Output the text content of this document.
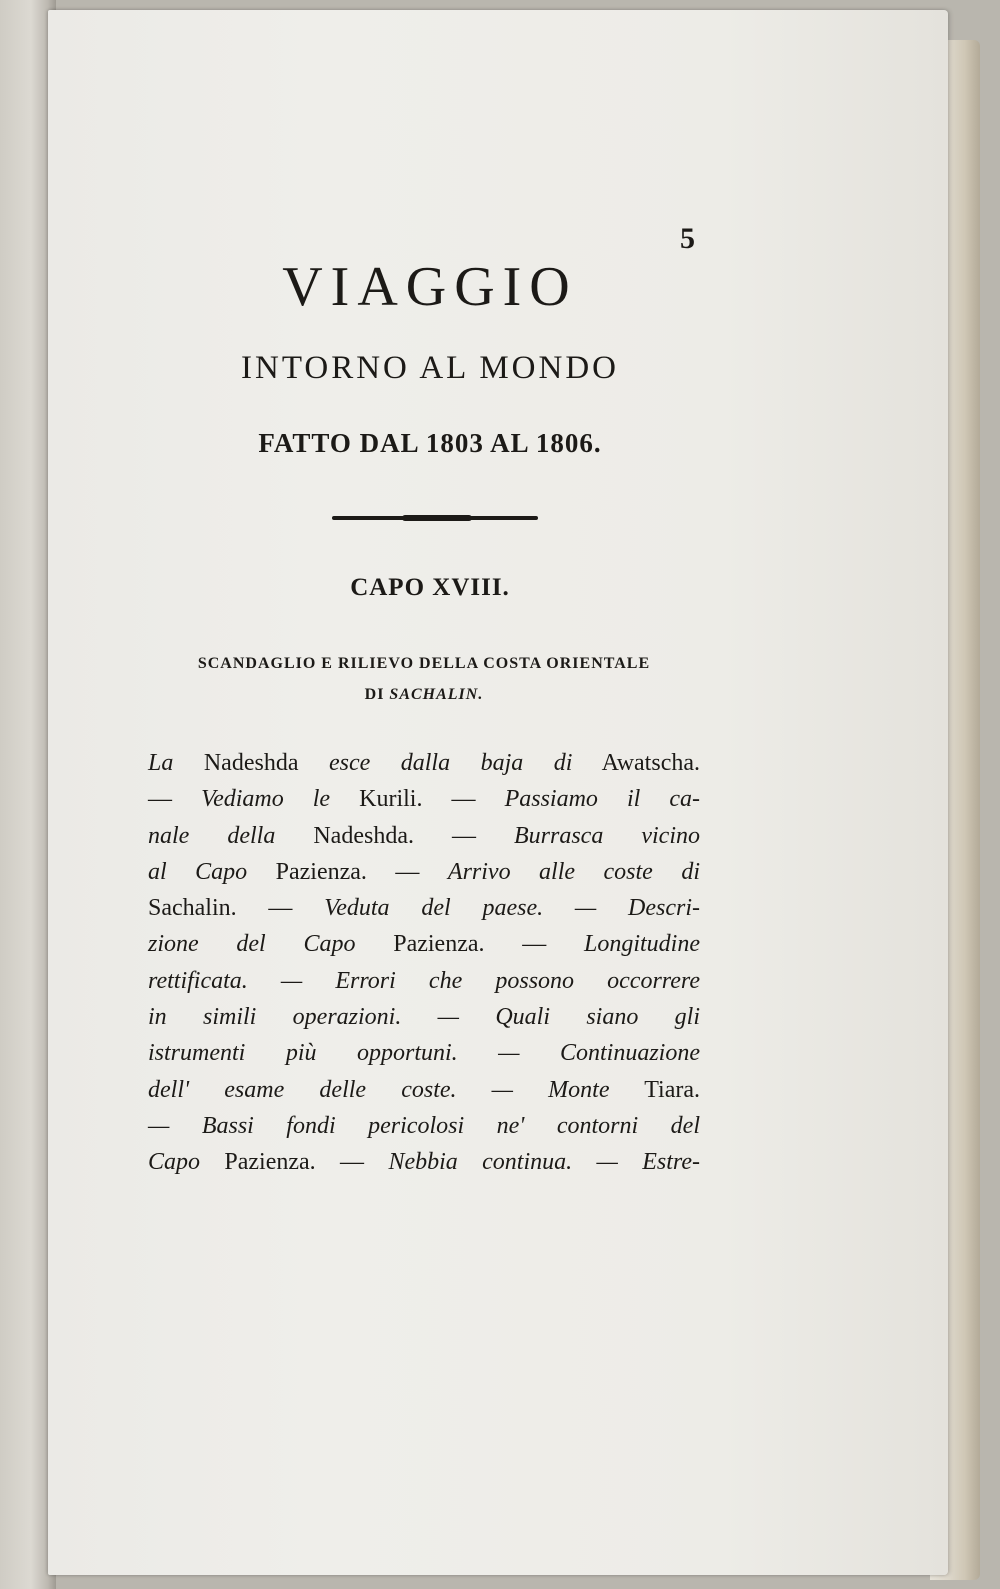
5
VIAGGIO
INTORNO AL MONDO
FATTO DAL 1803 AL 1806.
CAPO XVIII.
SCANDAGLIO E RILIEVO DELLA COSTA ORIENTALE
DI SACHALIN.
La Nadeshda esce dalla baja di Awatscha.
— Vediamo le Kurili. — Passiamo il ca-
nale della Nadeshda. — Burrasca vicino
al Capo Pazienza. — Arrivo alle coste di
Sachalin. — Veduta del paese. — Descri-
zione del Capo Pazienza. — Longitudine
rettificata. — Errori che possono occorrere
in simili operazioni. — Quali siano gli
istrumenti più opportuni. — Continuazione
dell' esame delle coste. — Monte Tiara.
— Bassi fondi pericolosi ne' contorni del
Capo Pazienza. — Nebbia continua. — Estre-
